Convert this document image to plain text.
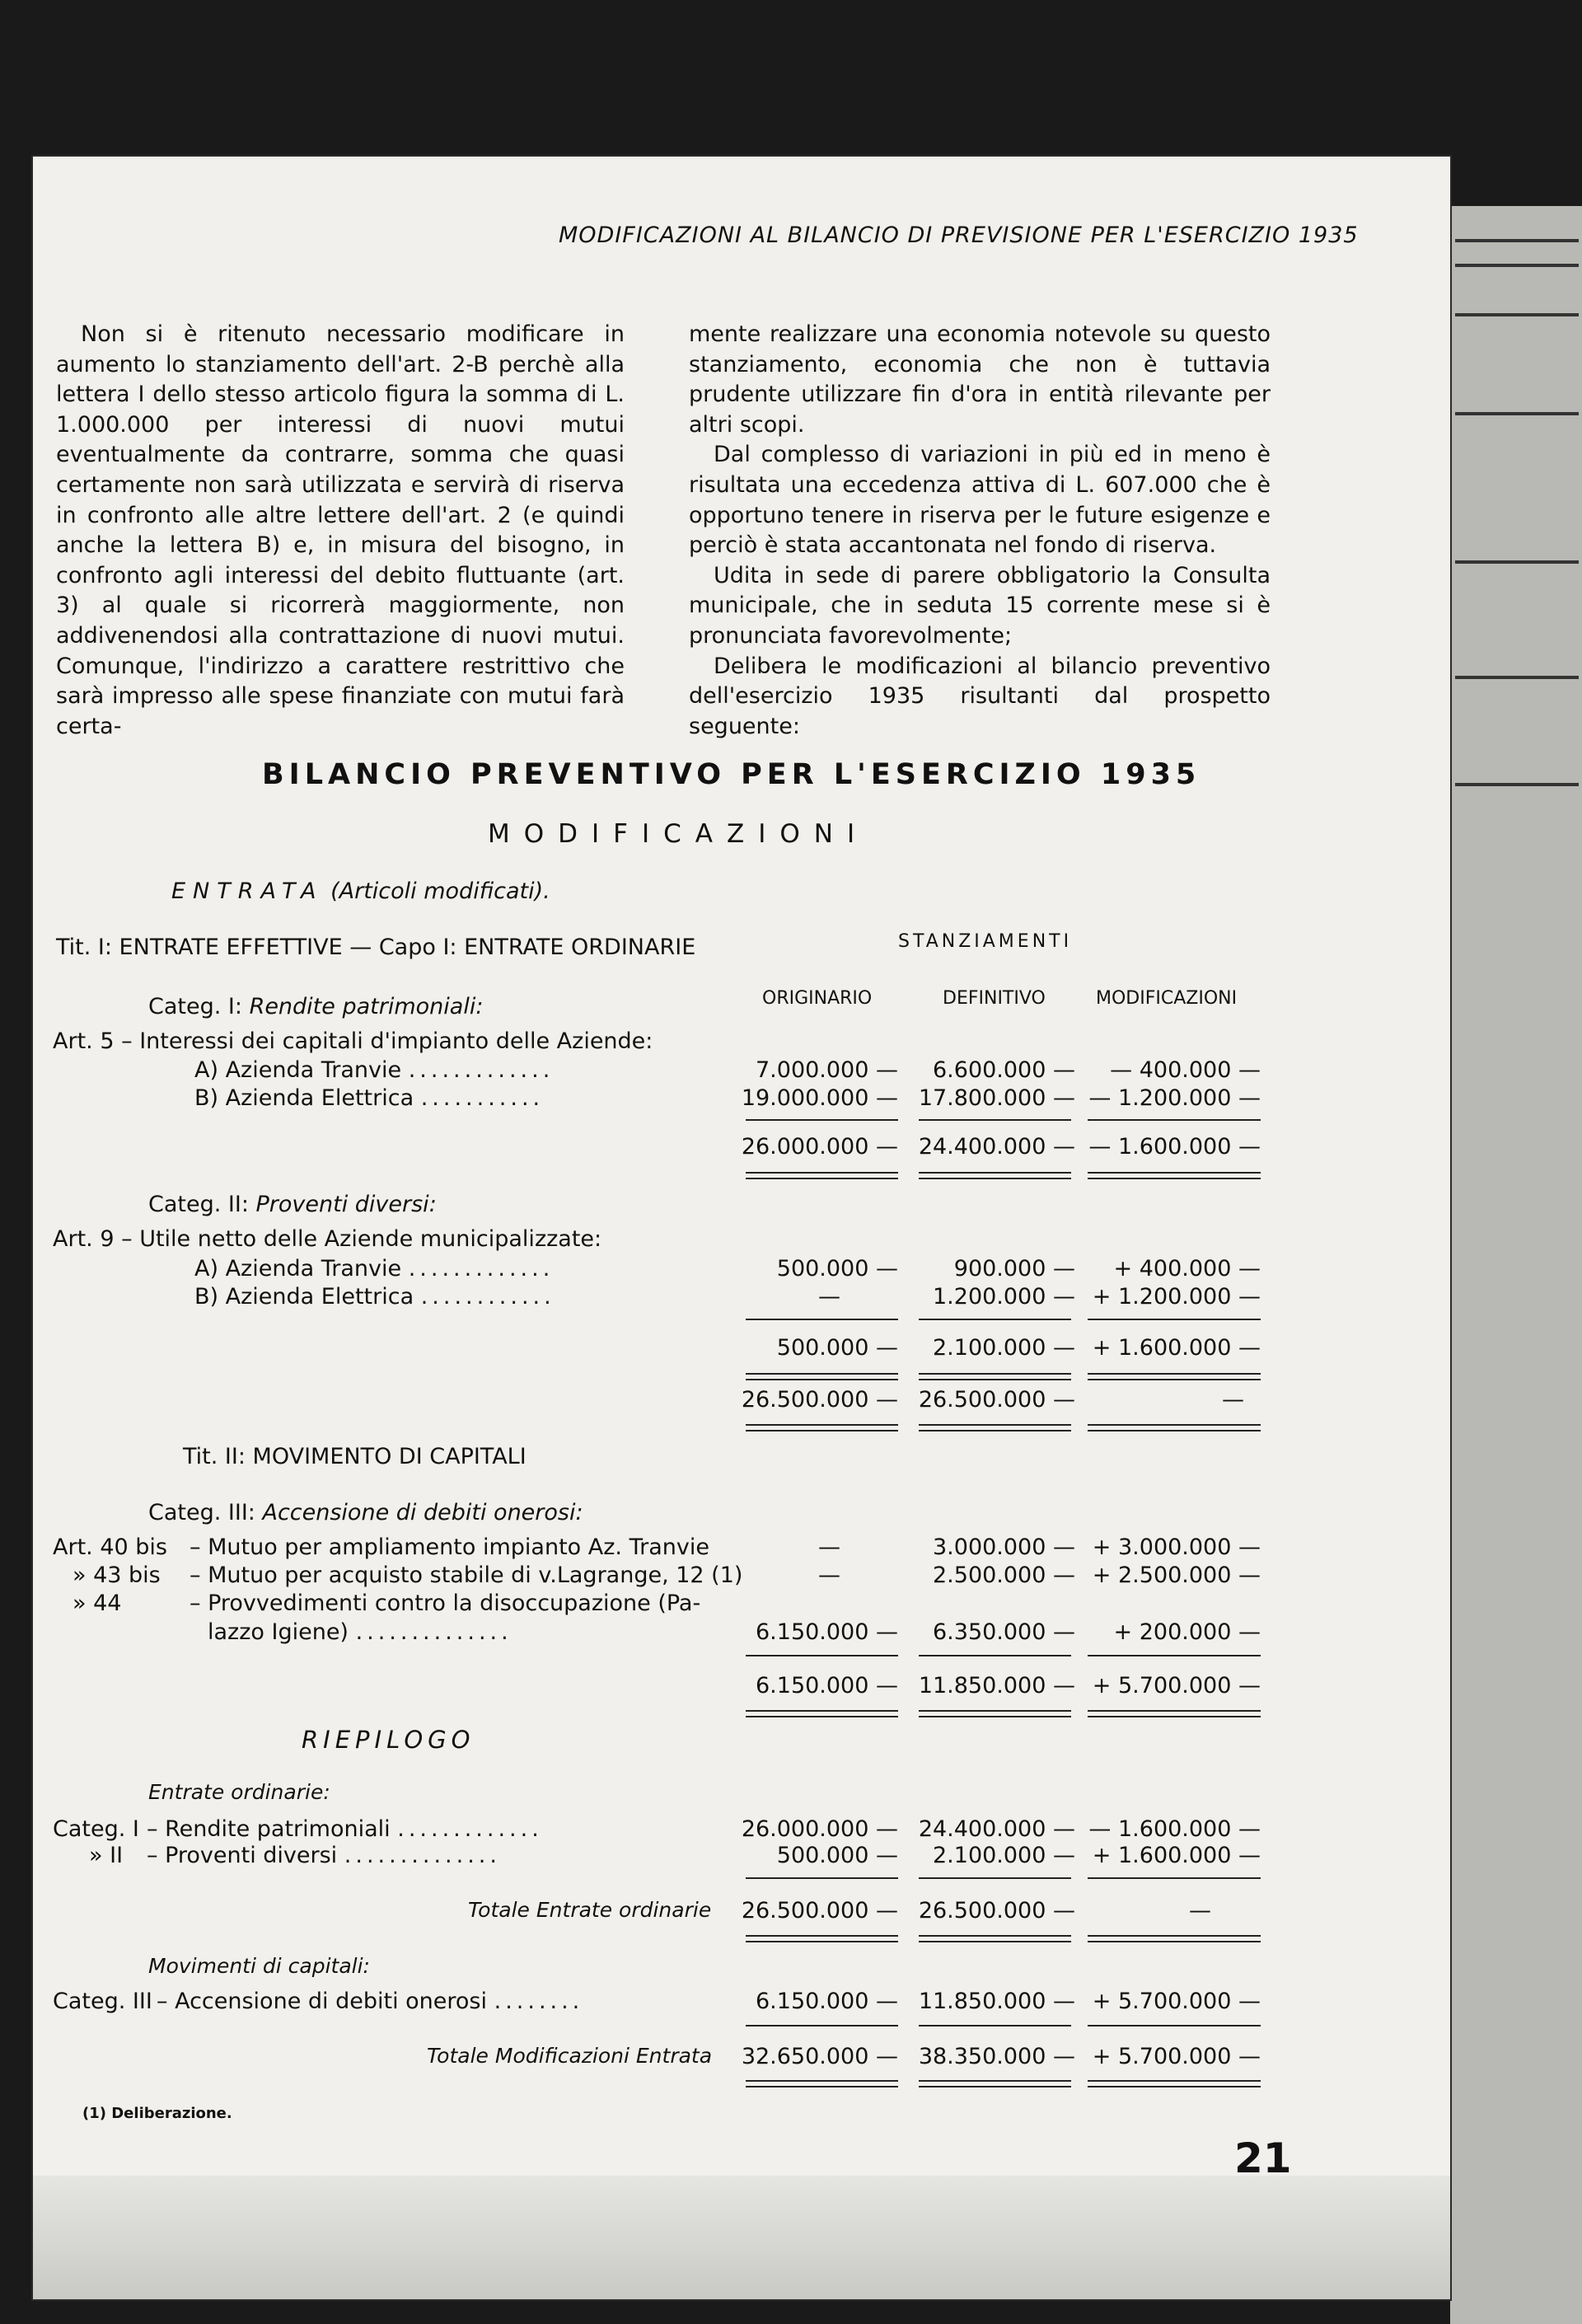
MODIFICAZIONI AL BILANCIO DI PREVISIONE PER L'ESERCIZIO 1935

Non si è ritenuto necessario modificare in aumento lo stanziamento dell'art. 2-B perchè alla lettera I dello stesso articolo figura la somma di L. 1.000.000 per interessi di nuovi mutui eventualmente da contrarre, somma che quasi certamente non sarà utilizzata e servirà di riserva in confronto alle altre lettere dell'art. 2 (e quindi anche la lettera B) e, in misura del bisogno, in confronto agli interessi del debito fluttuante (art. 3) al quale si ricorrerà maggiormente, non addivenendosi alla contrattazione di nuovi mutui. Comunque, l'indirizzo a carattere restrittivo che sarà impresso alle spese finanziate con mutui farà certa-

mente realizzare una economia notevole su questo stanziamento, economia che non è tuttavia prudente utilizzare fin d'ora in entità rilevante per altri scopi.

Dal complesso di variazioni in più ed in meno è risultata una eccedenza attiva di L. 607.000 che è opportuno tenere in riserva per le future esigenze e perciò è stata accantonata nel fondo di riserva.

Udita in sede di parere obbligatorio la Consulta municipale, che in seduta 15 corrente mese si è pronunciata favorevolmente;

Delibera le modificazioni al bilancio preventivo dell'esercizio 1935 risultanti dal prospetto seguente:

BILANCIO PREVENTIVO PER L'ESERCIZIO 1935
MODIFICAZIONI
ENTRATA (Articoli modificati).
Tit. I: ENTRATE EFFETTIVE — Capo I: ENTRATE ORDINARIE	STANZIAMENTI
ORIGINARIO	DEFINITIVO	MODIFICAZIONI
Categ. I: Rendite patrimoniali:
Art. 5 – Interessi dei capitali d'impianto delle Aziende:
A) Azienda Tranvie .............	7.000.000 —	6.600.000 —	— 400.000 —
B) Azienda Elettrica ...........	19.000.000 — 17.800.000 — — 1.200.000 —
26.000.000 — 24.400.000 — — 1.600.000 —
Categ. II: Proventi diversi:
Art. 9 – Utile netto delle Aziende municipalizzate:
A) Azienda Tranvie .............	500.000 —	900.000 —	+ 400.000 —
B) Azienda Elettrica ............	—	1.200.000 — + 1.200.000 —
500.000 —	2.100.000 — + 1.600.000 —
26.500.000 — 26.500.000 —	—
Tit. II: MOVIMENTO DI CAPITALI
Categ. III: Accensione di debiti onerosi:
Art. 40 bis – Mutuo per ampliamento impianto Az. Tranvie	—	3.000.000 — + 3.000.000 —
» 43 bis – Mutuo per acquisto stabile di v.Lagrange, 12 (1)	—	2.500.000 — + 2.500.000 —
» 44	– Provvedimenti contro la disoccupazione (Pa-
lazzo Igiene) ..............	6.150.000 —	6.350.000 —	+ 200.000 —
6.150.000 — 11.850.000 — + 5.700.000 —
RIEPILOGO
Entrate ordinarie:
Categ. I – Rendite patrimoniali .............	26.000.000 — 24.400.000 — — 1.600.000 —
» II – Proventi diversi ..............	500.000 —	2.100.000 — + 1.600.000 —
Totale Entrate ordinarie	26.500.000 — 26.500.000 —	—
Movimenti di capitali:
Categ. III – Accensione di debiti onerosi ........	6.150.000 — 11.850.000 — + 5.700.000 —
Totale Modificazioni Entrata	32.650.000 — 38.350.000 — + 5.700.000 —
(1) Deliberazione.
21
